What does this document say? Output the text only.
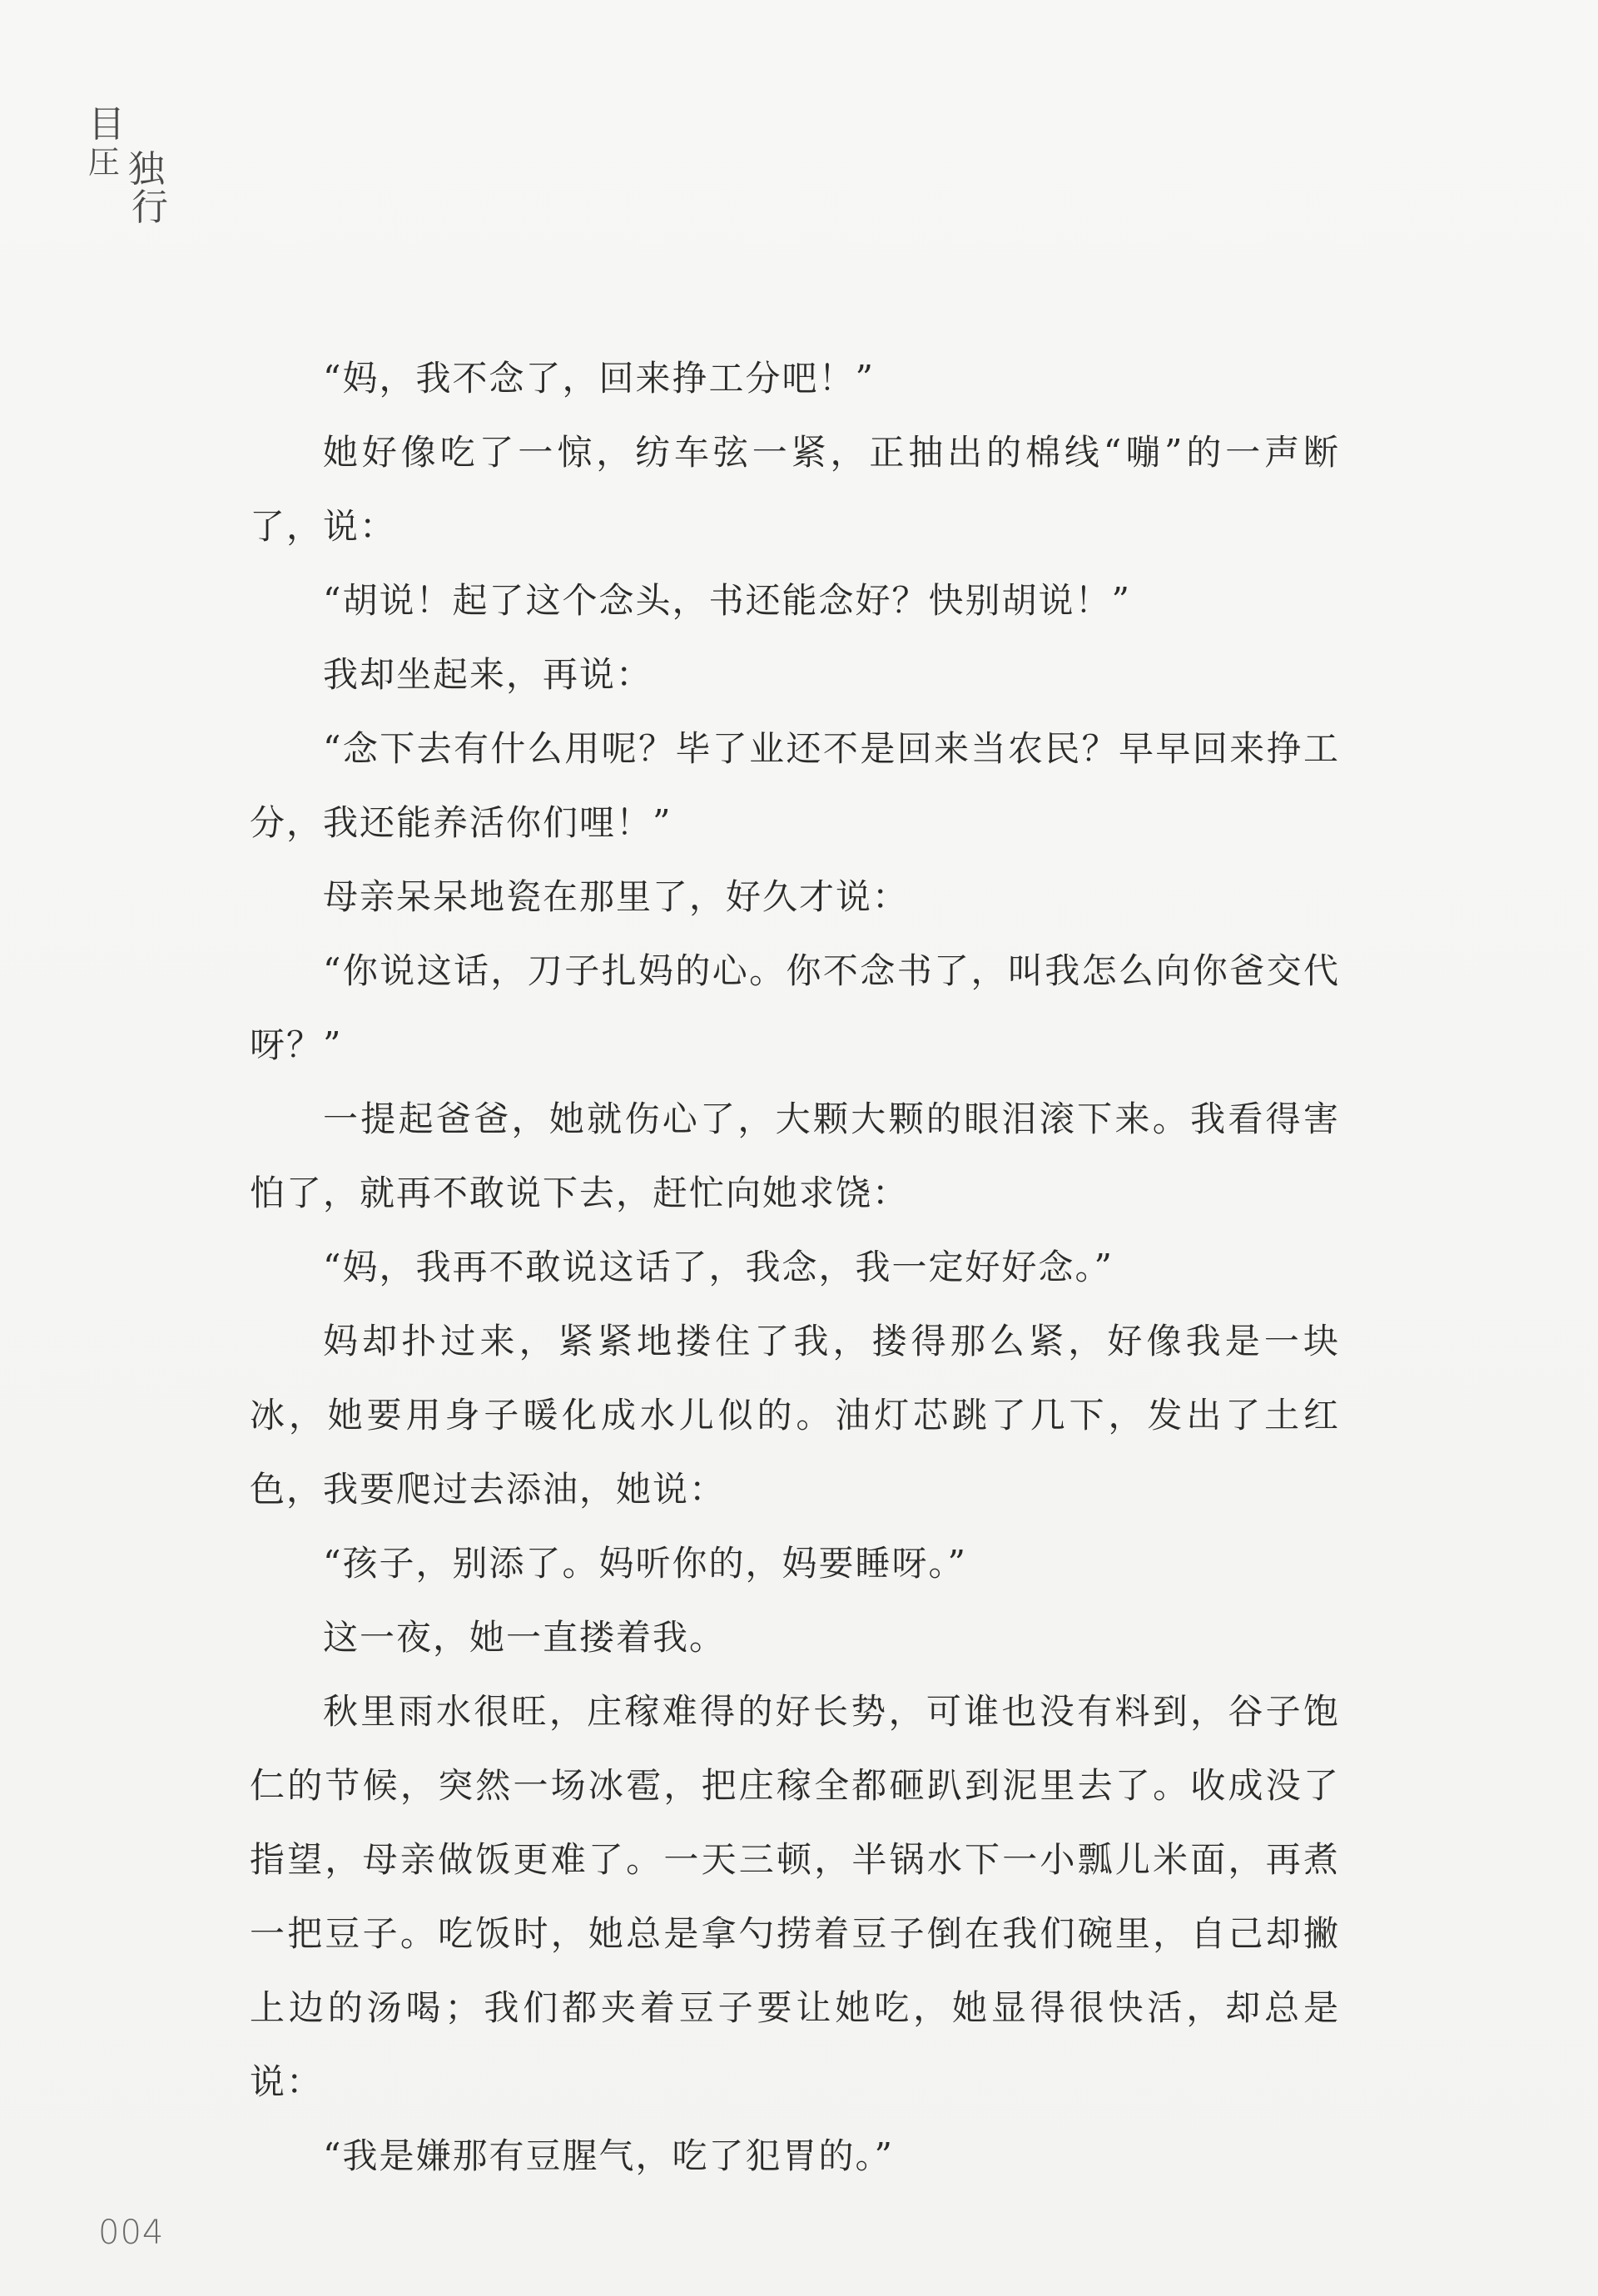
目
圧 独
行

“妈，我不念了，回来挣工分吧！”

她好像吃了一惊，纺车弦一紧，正抽出的棉线“嘣”的一声断了，说：

“胡说！起了这个念头，书还能念好？快别胡说！”

我却坐起来，再说：

“念下去有什么用呢？毕了业还不是回来当农民？早早回来挣工分，我还能养活你们哩！”

母亲呆呆地瓷在那里了，好久才说：

“你说这话，刀子扎妈的心。你不念书了，叫我怎么向你爸交代呀？”

一提起爸爸，她就伤心了，大颗大颗的眼泪滚下来。我看得害怕了，就再不敢说下去，赶忙向她求饶：

“妈，我再不敢说这话了，我念，我一定好好念。”

妈却扑过来，紧紧地搂住了我，搂得那么紧，好像我是一块冰，她要用身子暖化成水儿似的。油灯芯跳了几下，发出了土红色，我要爬过去添油，她说：

“孩子，别添了。妈听你的，妈要睡呀。”

这一夜，她一直搂着我。

秋里雨水很旺，庄稼难得的好长势，可谁也没有料到，谷子饱仁的节候，突然一场冰雹，把庄稼全都砸趴到泥里去了。收成没了指望，母亲做饭更难了。一天三顿，半锅水下一小瓢儿米面，再煮一把豆子。吃饭时，她总是拿勺捞着豆子倒在我们碗里，自己却撇上边的汤喝；我们都夹着豆子要让她吃，她显得很快活，却总是说：

“我是嫌那有豆腥气，吃了犯胃的。”

004
